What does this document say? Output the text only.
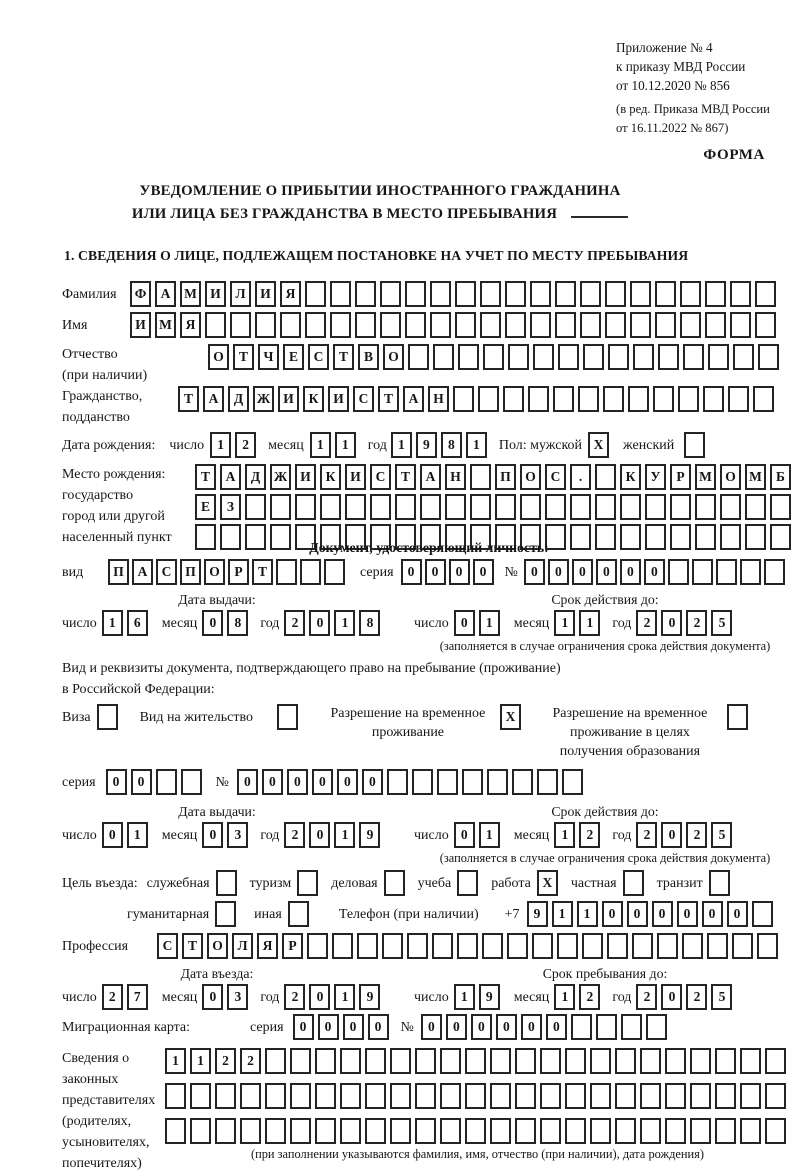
Приложение № 4
к приказу МВД России
от 10.12.2020 № 856
(в ред. Приказа МВД России
от 16.11.2022 № 867)
ФОРМА
УВЕДОМЛЕНИЕ О ПРИБЫТИИ ИНОСТРАННОГО ГРАЖДАНИНА
ИЛИ ЛИЦА БЕЗ ГРАЖДАНСТВА В МЕСТО ПРЕБЫВАНИЯ
1. СВЕДЕНИЯ О ЛИЦЕ, ПОДЛЕЖАЩЕМ ПОСТАНОВКЕ НА УЧЕТ ПО МЕСТУ ПРЕБЫВАНИЯ
Фамилия	Ф	А	М И	Л	И	Я
Имя	И М	Я
Отчество
(при наличии)
О	Т	Ч	Е	С	Т	В	О
Гражданство,
подданство
Т	А	Д	Ж И	К	И	С	Т	А	Н
Дата рождения: число 1	2	месяц 1	1	год 1	9	8	1	Пол: мужской X	женский
Место рождения:
государство
город или другой
населенный пункт
Т	А	Д	Ж И	К	И	С	Т	А	Н	П	О	С	.	К	У	Р	М О М	Б
Е	З
Документ, удостоверяющий личность:
вид	П	А	С	П О	Р	Т	серия	0	0	0	0	№ 0	0	0	0	0	0
Дата выдачи:
число 1	6	месяц 0	8	год 2	0	1	8
Срок действия до:
число 0	1	месяц 1	1	год 2	0	2	5
(заполняется в случае ограничения срока действия документа)
Вид и реквизиты документа, подтверждающего право на пребывание (проживание)
в Российской Федерации:
Виза	Вид на жительство	Разрешение на временное проживание
X	Разрешение на временное проживание в целях получения образования
серия	0	0	№	0	0	0	0	0	0
Дата выдачи:
число 0	1	месяц 0	3	год 2	0	1	9
Срок действия до:
число 0	1	месяц 1	2	год 2	0	2	5
(заполняется в случае ограничения срока действия документа)
Цель въезда: служебная	туризм	деловая	учеба	работа X	частная	транзит
гуманитарная	иная	Телефон (при наличии) +7	9	1	1	0	0	0	0	0	0
Профессия	С	Т	О	Л	Я	Р
Дата въезда:
число 2	7	месяц 0	3	год 2	0	1	9
Срок пребывания до:
число 1	9	месяц 1	2	год 2	0	2	5
Миграционная карта:	серия	0	0	0	0	№	0	0	0	0	0	0
Сведения о
законных
представителях
(родителях,
усыновителях,
попечителях)
1	1	2	2
(при заполнении указываются фамилия, имя, отчество (при наличии), дата рождения)
